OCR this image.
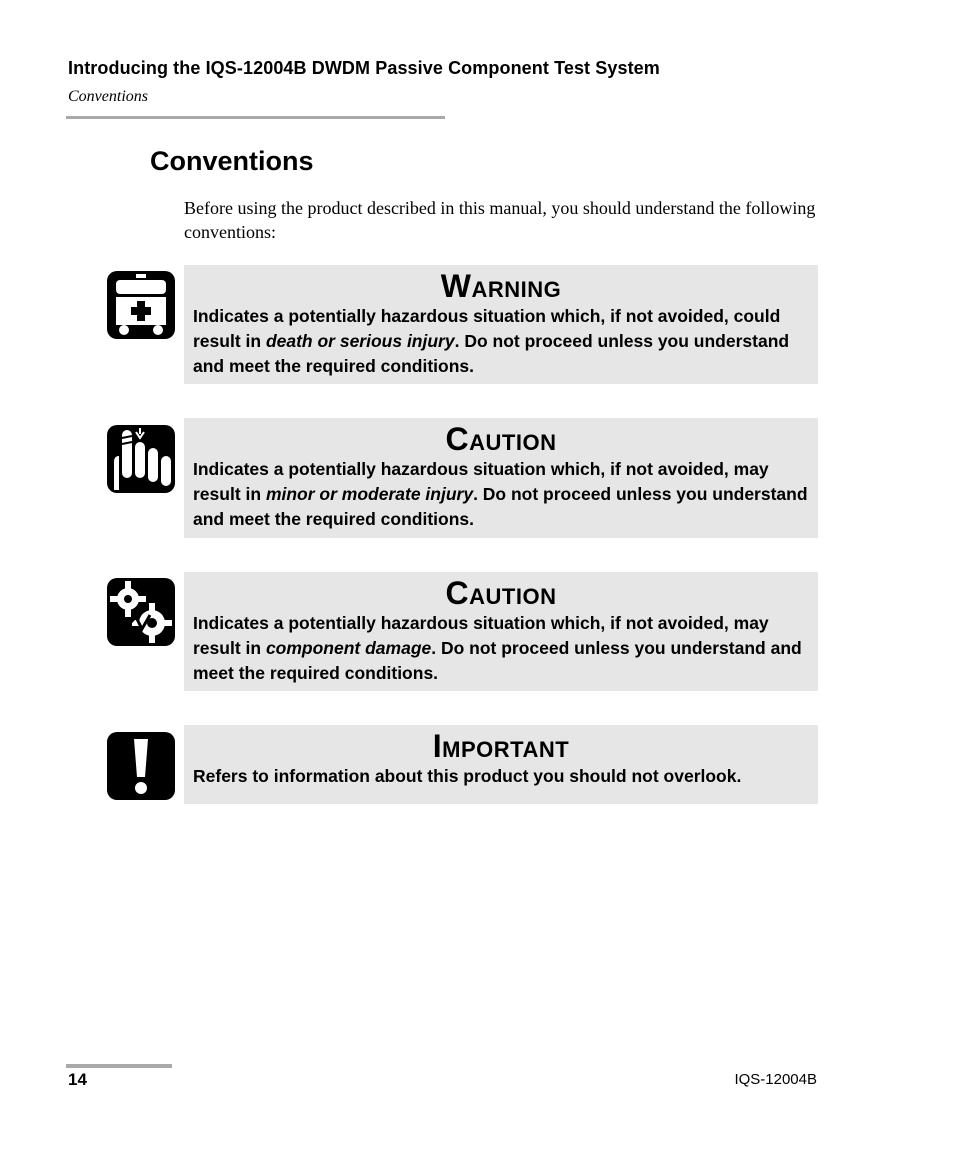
Introducing the IQS-12004B DWDM Passive Component Test System
Conventions
Conventions
Before using the product described in this manual, you should understand the following conventions:
Warning
Indicates a potentially hazardous situation which, if not avoided, could result in death or serious injury. Do not proceed unless you understand and meet the required conditions.
Caution
Indicates a potentially hazardous situation which, if not avoided, may result in minor or moderate injury. Do not proceed unless you understand and meet the required conditions.
Caution
Indicates a potentially hazardous situation which, if not avoided, may result in component damage. Do not proceed unless you understand and meet the required conditions.
Important
Refers to information about this product you should not overlook.
14	IQS-12004B
